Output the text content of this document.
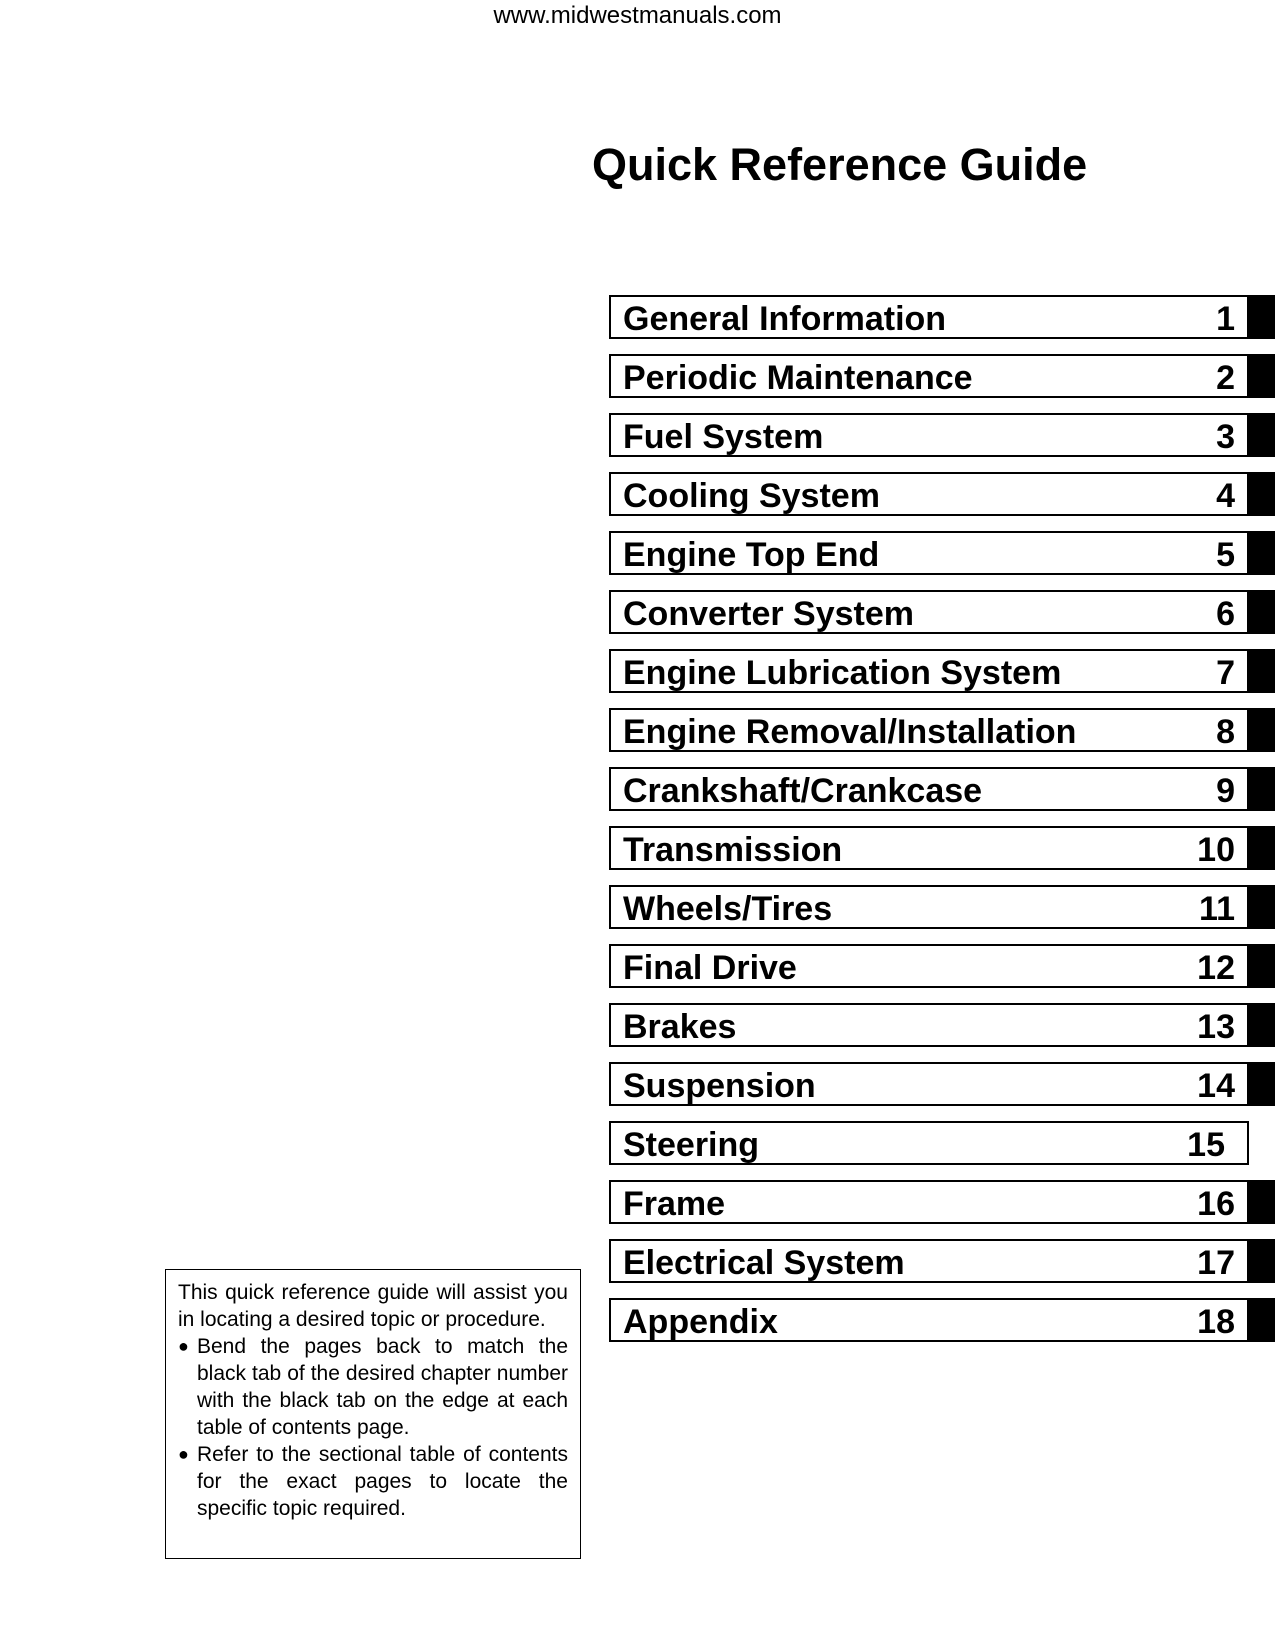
www.midwestmanuals.com
Quick Reference Guide
General Information	1
Periodic Maintenance	2
Fuel System	3
Cooling System	4
Engine Top End	5
Converter System	6
Engine Lubrication System	7
Engine Removal/Installation	8
Crankshaft/Crankcase	9
Transmission	10
Wheels/Tires	11
Final Drive	12
Brakes	13
Suspension	14
Steering	15
Frame	16
Electrical System	17
Appendix	18

This quick reference guide will assist you in locating a desired topic or procedure.

● Bend the pages back to match the black tab of the desired chapter number with the black tab on the edge at each table of contents page.
● Refer to the sectional table of contents for the exact pages to locate the specific topic required.
